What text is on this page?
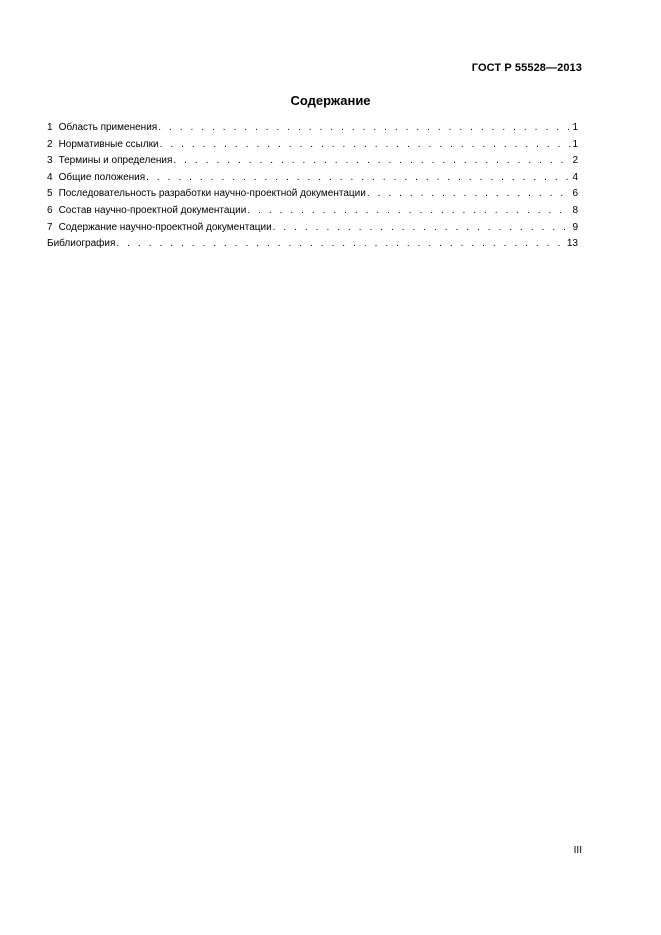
ГОСТ Р 55528—2013
Содержание
1 Область применения . . .	1
2 Нормативные ссылки . . .	1
3 Термины и определения . . .	2
4 Общие положения . . .	4
5 Последовательность разработки научно-проектной документации . . .	6
6 Состав научно-проектной документации . . .	8
7 Содержание научно-проектной документации . . .	9
Библиография . . .	13
III
